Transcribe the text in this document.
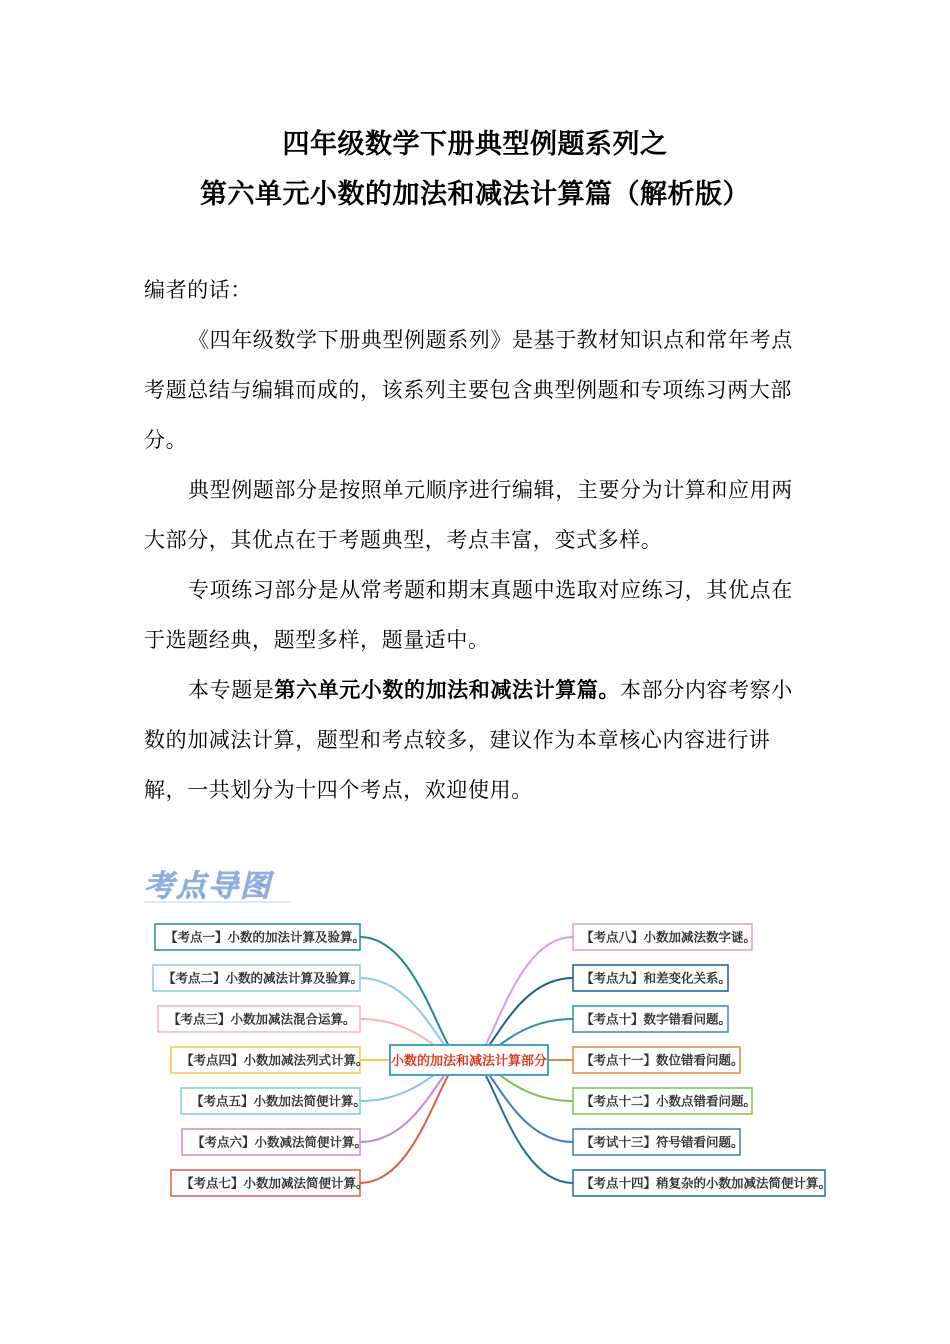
四年级数学下册典型例题系列之
第六单元小数的加法和减法计算篇（解析版）
编者的话：
《四年级数学下册典型例题系列》是基于教材知识点和常年考点考题总结与编辑而成的，该系列主要包含典型例题和专项练习两大部分。
典型例题部分是按照单元顺序进行编辑，主要分为计算和应用两大部分，其优点在于考题典型，考点丰富，变式多样。
专项练习部分是从常考题和期末真题中选取对应练习，其优点在于选题经典，题型多样，题量适中。
本专题是第六单元小数的加法和减法计算篇。本部分内容考察小数的加减法计算，题型和考点较多，建议作为本章核心内容进行讲解，一共划分为十四个考点，欢迎使用。
考点导图
【考点一】小数的加法计算及验算。
【考点二】小数的减法计算及验算。
【考点三】小数加减法混合运算。
【考点四】小数加减法列式计算。
【考点五】小数加法简便计算。
【考点六】小数减法简便计算。
【考点七】小数加减法简便计算。
【考点八】小数加减法数字谜。
【考点九】和差变化关系。
【考点十】数字错看问题。
【考点十一】数位错看问题。
【考点十二】小数点错看问题。
【考试十三】符号错看问题。
【考点十四】稍复杂的小数加减法简便计算。
小数的加法和减法计算部分
